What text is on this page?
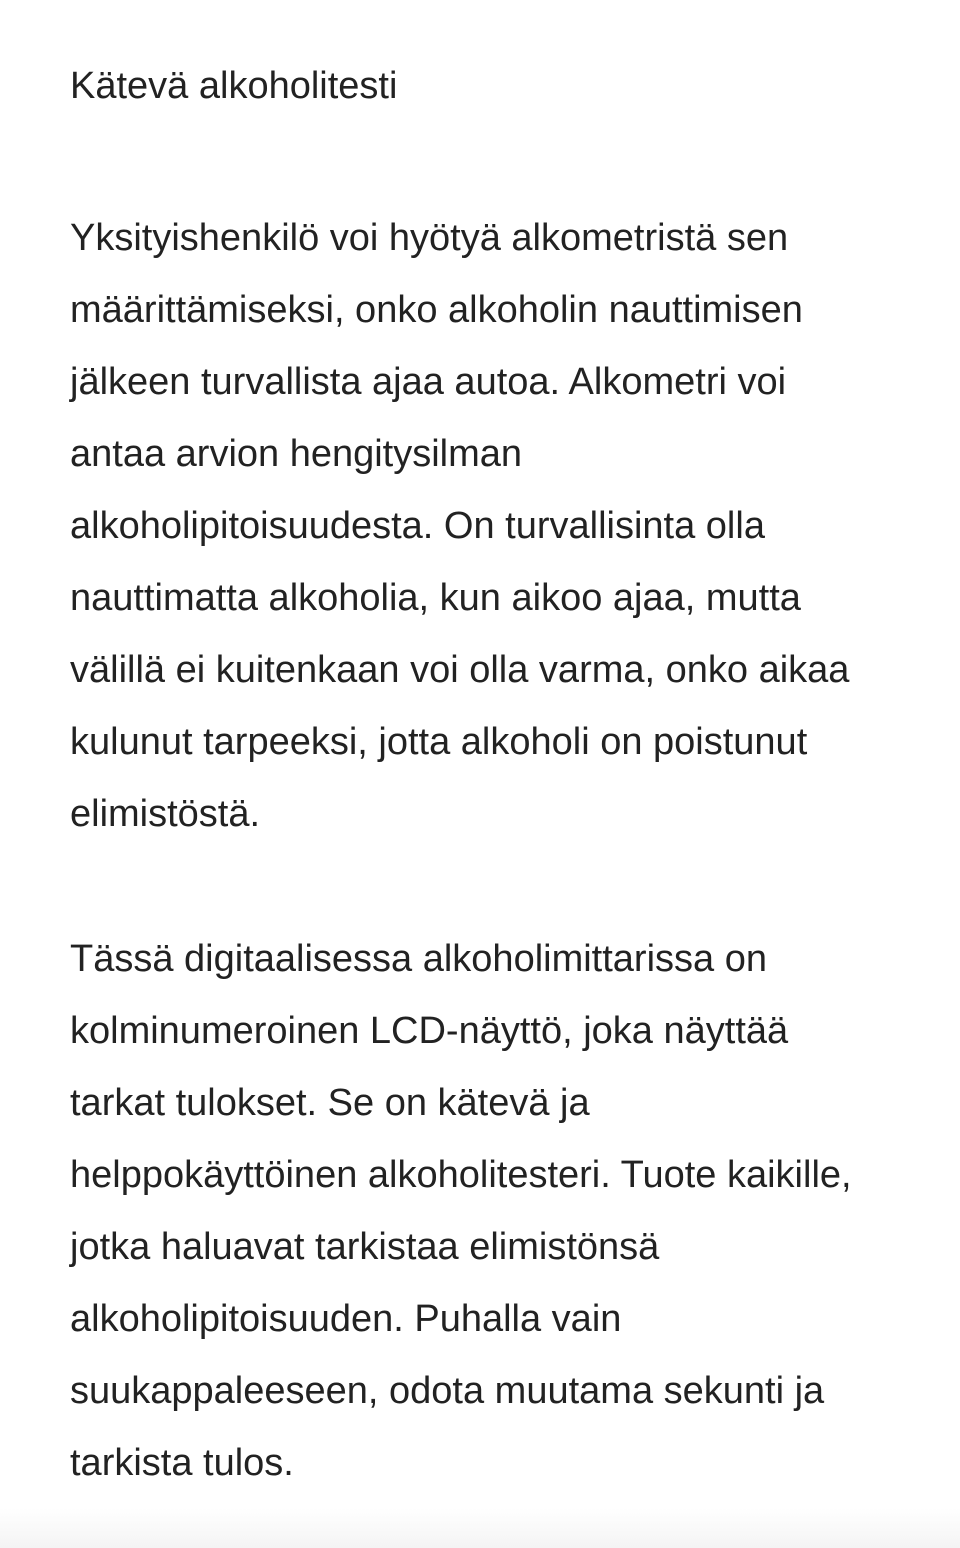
Kätevä alkoholitesti

Yksityishenkilö voi hyötyä alkometristä sen
määrittämiseksi, onko alkoholin nauttimisen
jälkeen turvallista ajaa autoa. Alkometri voi
antaa arvion hengitysilman
alkoholipitoisuudesta. On turvallisinta olla
nauttimatta alkoholia, kun aikoo ajaa, mutta
välillä ei kuitenkaan voi olla varma, onko aikaa
kulunut tarpeeksi, jotta alkoholi on poistunut
elimistöstä.

Tässä digitaalisessa alkoholimittarissa on
kolminumeroinen LCD-näyttö, joka näyttää
tarkat tulokset. Se on kätevä ja
helppokäyttöinen alkoholitesteri. Tuote kaikille,
jotka haluavat tarkistaa elimistönsä
alkoholipitoisuuden. Puhalla vain
suukappaleeseen, odota muutama sekunti ja
tarkista tulos.
